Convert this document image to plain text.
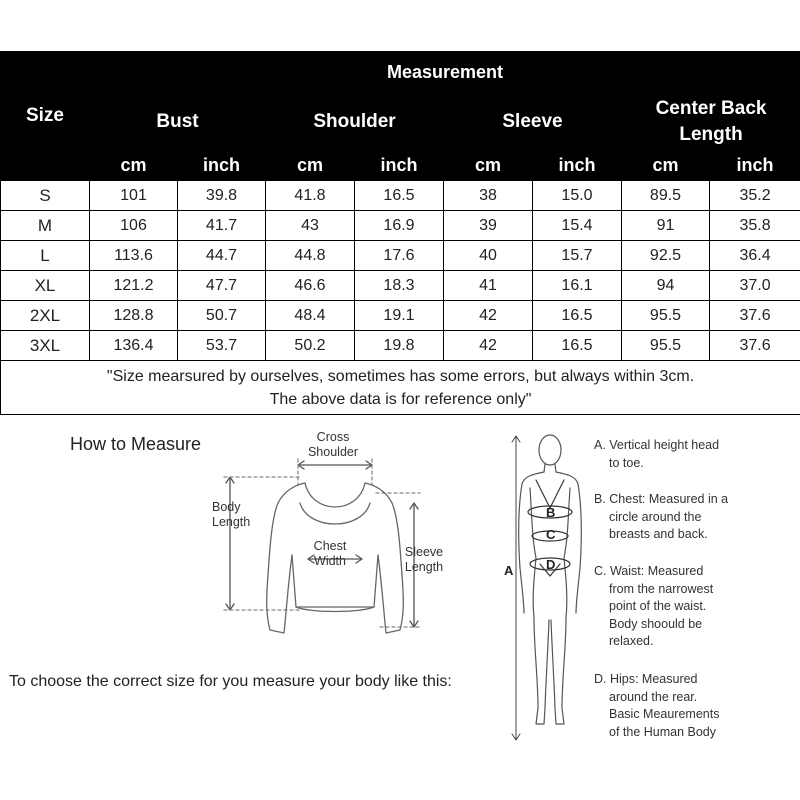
Size	Measurement							
	Bust		Shoulder		Sleeve		Center Back Length	
	cm	inch	cm	inch	cm	inch	cm	inch
S	101	39.8	41.8	16.5	38	15.0	89.5	35.2
M	106	41.7	43	16.9	39	15.4	91	35.8
L	113.6	44.7	44.8	17.6	40	15.7	92.5	36.4
XL	121.2	47.7	46.6	18.3	41	16.1	94	37.0
2XL	128.8	50.7	48.4	19.1	42	16.5	95.5	37.6
3XL	136.4	53.7	50.2	19.8	42	16.5	95.5	37.6

"Size mearsured by ourselves, sometimes has some errors, but always within 3cm.
The above data is for reference only"								
How to Measure	Cross
Shoulder
Body
Length
Chest
Width
Sleeve
Length
To choose the correct size for you measure your body like this:
A
B
C
D
A. Vertical height head
to toe.
B. Chest: Measured in a
circle around the
breasts and back.
C. Waist: Measured
from the narrowest
point of the waist.
Body shoould be
relaxed.
D. Hips: Measured
around the rear.
Basic Meaurements
of the Human Body
